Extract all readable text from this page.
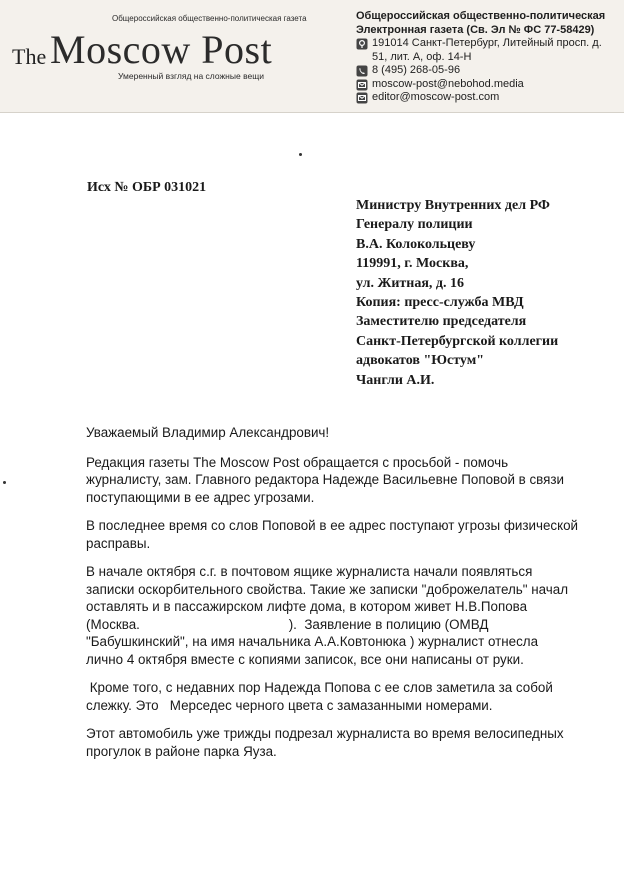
Общероссийская общественно-политическая газета
The Moscow Post
Умеренный взгляд на сложные вещи
Общероссийская общественно-политическая
Электронная газета (Св. Эл № ФС 77-58429)
191014 Санкт-Петербург, Литейный просп. д. 51, лит. А, оф. 14-Н
8 (495) 268-05-96
moscow-post@nebohod.media
editor@moscow-post.com
Исх № ОБР 031021
Министру Внутренних дел РФ
Генералу полиции
В.А. Колокольцеву
119991, г. Москва,
ул. Житная, д. 16
Копия: пресс-служба МВД
Заместителю председателя
Санкт-Петербургской коллегии
адвокатов "Юстум"
Чангли А.И.

Уважаемый Владимир Александрович!

Редакция газеты The Moscow Post обращается с просьбой - помочь
журналисту, зам. Главного редактора Надежде Васильевне Поповой в связи
поступающими в ее адрес угрозами.

В последнее время со слов Поповой в ее адрес поступают угрозы физической
расправы.

В начале октября с.г. в почтовом ящике журналиста начали появляться
записки оскорбительного свойства. Такие же записки "доброжелатель" начал
оставлять и в пассажирском лифте дома, в котором живет Н.В.Попова
(Москва.                                        ).  Заявление в полицию (ОМВД
"Бабушкинский", на имя начальника А.А.Ковтонюка ) журналист отнесла
лично 4 октября вместе с копиями записок, все они написаны от руки.

Кроме того, с недавних пор Надежда Попова с ее слов заметила за собой
слежку. Это   Мерседес черного цвета с замазанными номерами.

Этот автомобиль уже трижды подрезал журналиста во время велосипедных
прогулок в районе парка Яуза.
